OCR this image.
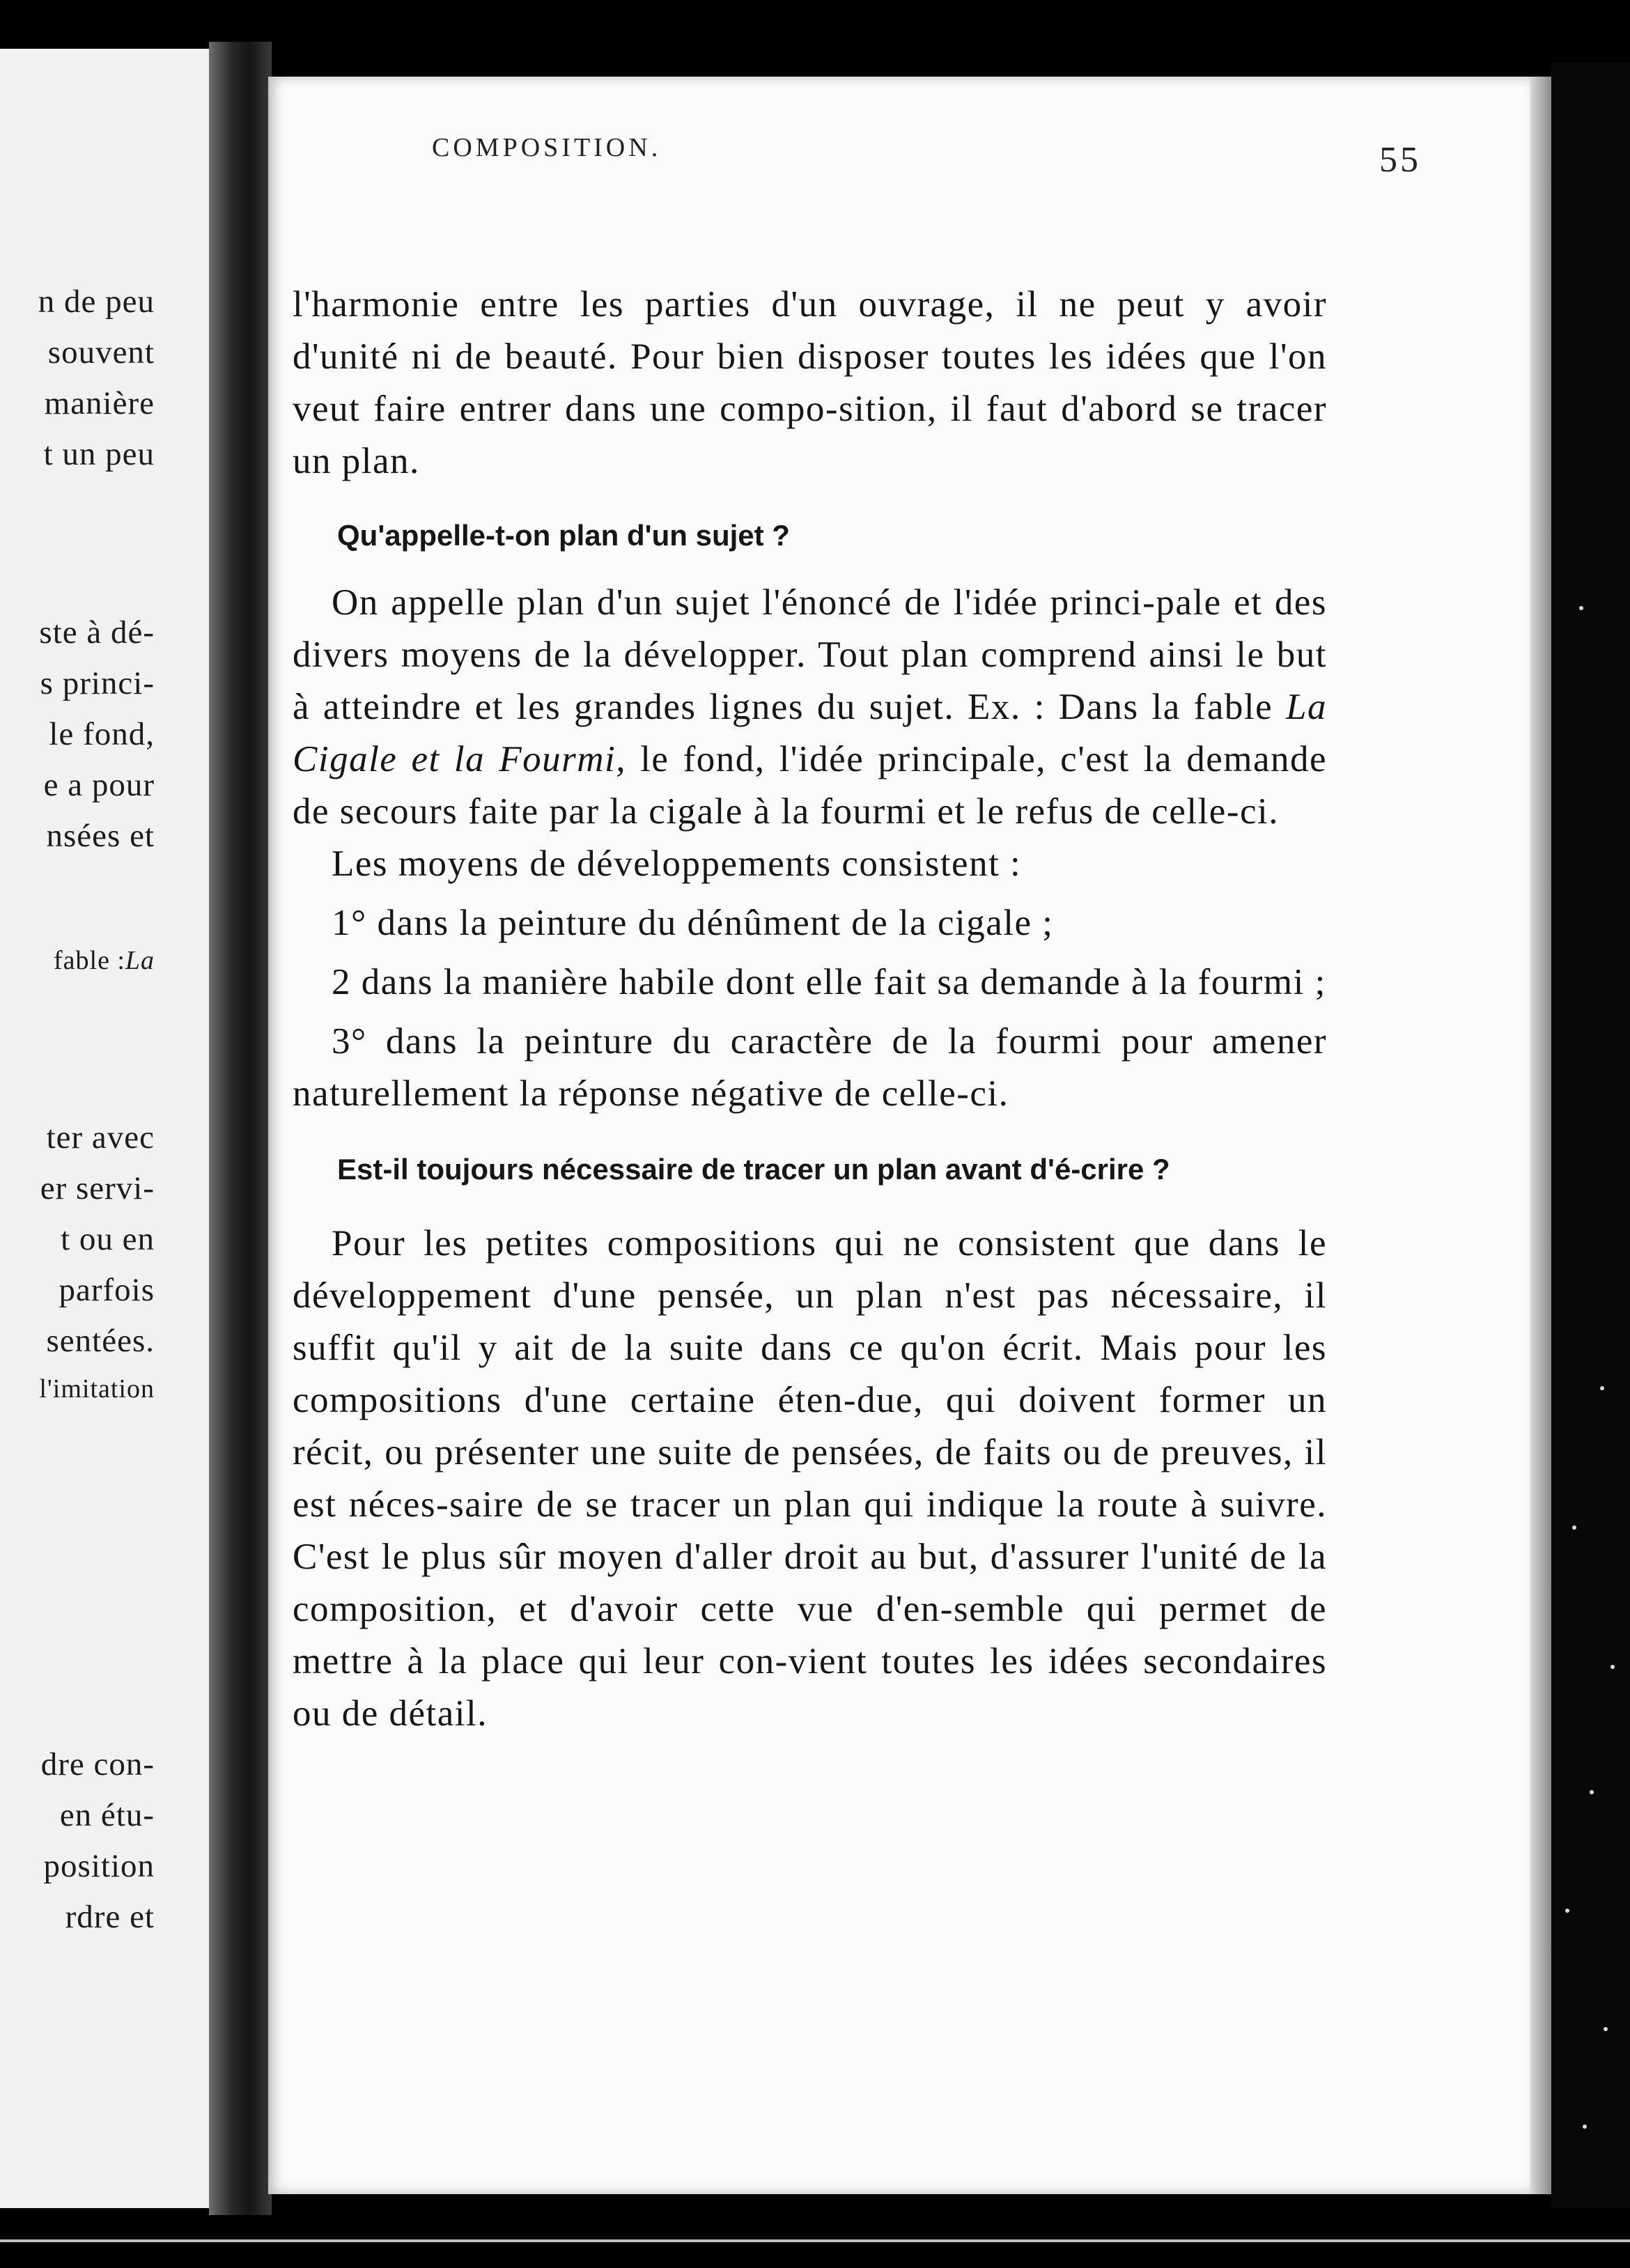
n de peu
souvent
manière
t un peu
ste à dé-
s princi-
le fond,
e a pour
nsées et
fable : La
ter avec
er servi-
t ou en
parfois
sentées.
l'imitation
dre con-
en étu-
position
rdre et
COMPOSITION.	55

l'harmonie entre les parties d'un ouvrage, il ne peut y avoir d'unité ni de beauté. Pour bien disposer toutes les idées que l'on veut faire entrer dans une compo-sition, il faut d'abord se tracer un plan.

Qu'appelle-t-on plan d'un sujet ?

On appelle plan d'un sujet l'énoncé de l'idée princi-pale et des divers moyens de la développer. Tout plan comprend ainsi le but à atteindre et les grandes lignes du sujet. Ex. : Dans la fable La Cigale et la Fourmi, le fond, l'idée principale, c'est la demande de secours faite par la cigale à la fourmi et le refus de celle-ci.

Les moyens de développements consistent :

1° dans la peinture du dénûment de la cigale ;

2 dans la manière habile dont elle fait sa demande à la fourmi ;

3° dans la peinture du caractère de la fourmi pour amener naturellement la réponse négative de celle-ci.

Est-il toujours nécessaire de tracer un plan avant d'é-crire ?

Pour les petites compositions qui ne consistent que dans le développement d'une pensée, un plan n'est pas nécessaire, il suffit qu'il y ait de la suite dans ce qu'on écrit. Mais pour les compositions d'une certaine éten-due, qui doivent former un récit, ou présenter une suite de pensées, de faits ou de preuves, il est néces-saire de se tracer un plan qui indique la route à suivre. C'est le plus sûr moyen d'aller droit au but, d'assurer l'unité de la composition, et d'avoir cette vue d'en-semble qui permet de mettre à la place qui leur con-vient toutes les idées secondaires ou de détail.
